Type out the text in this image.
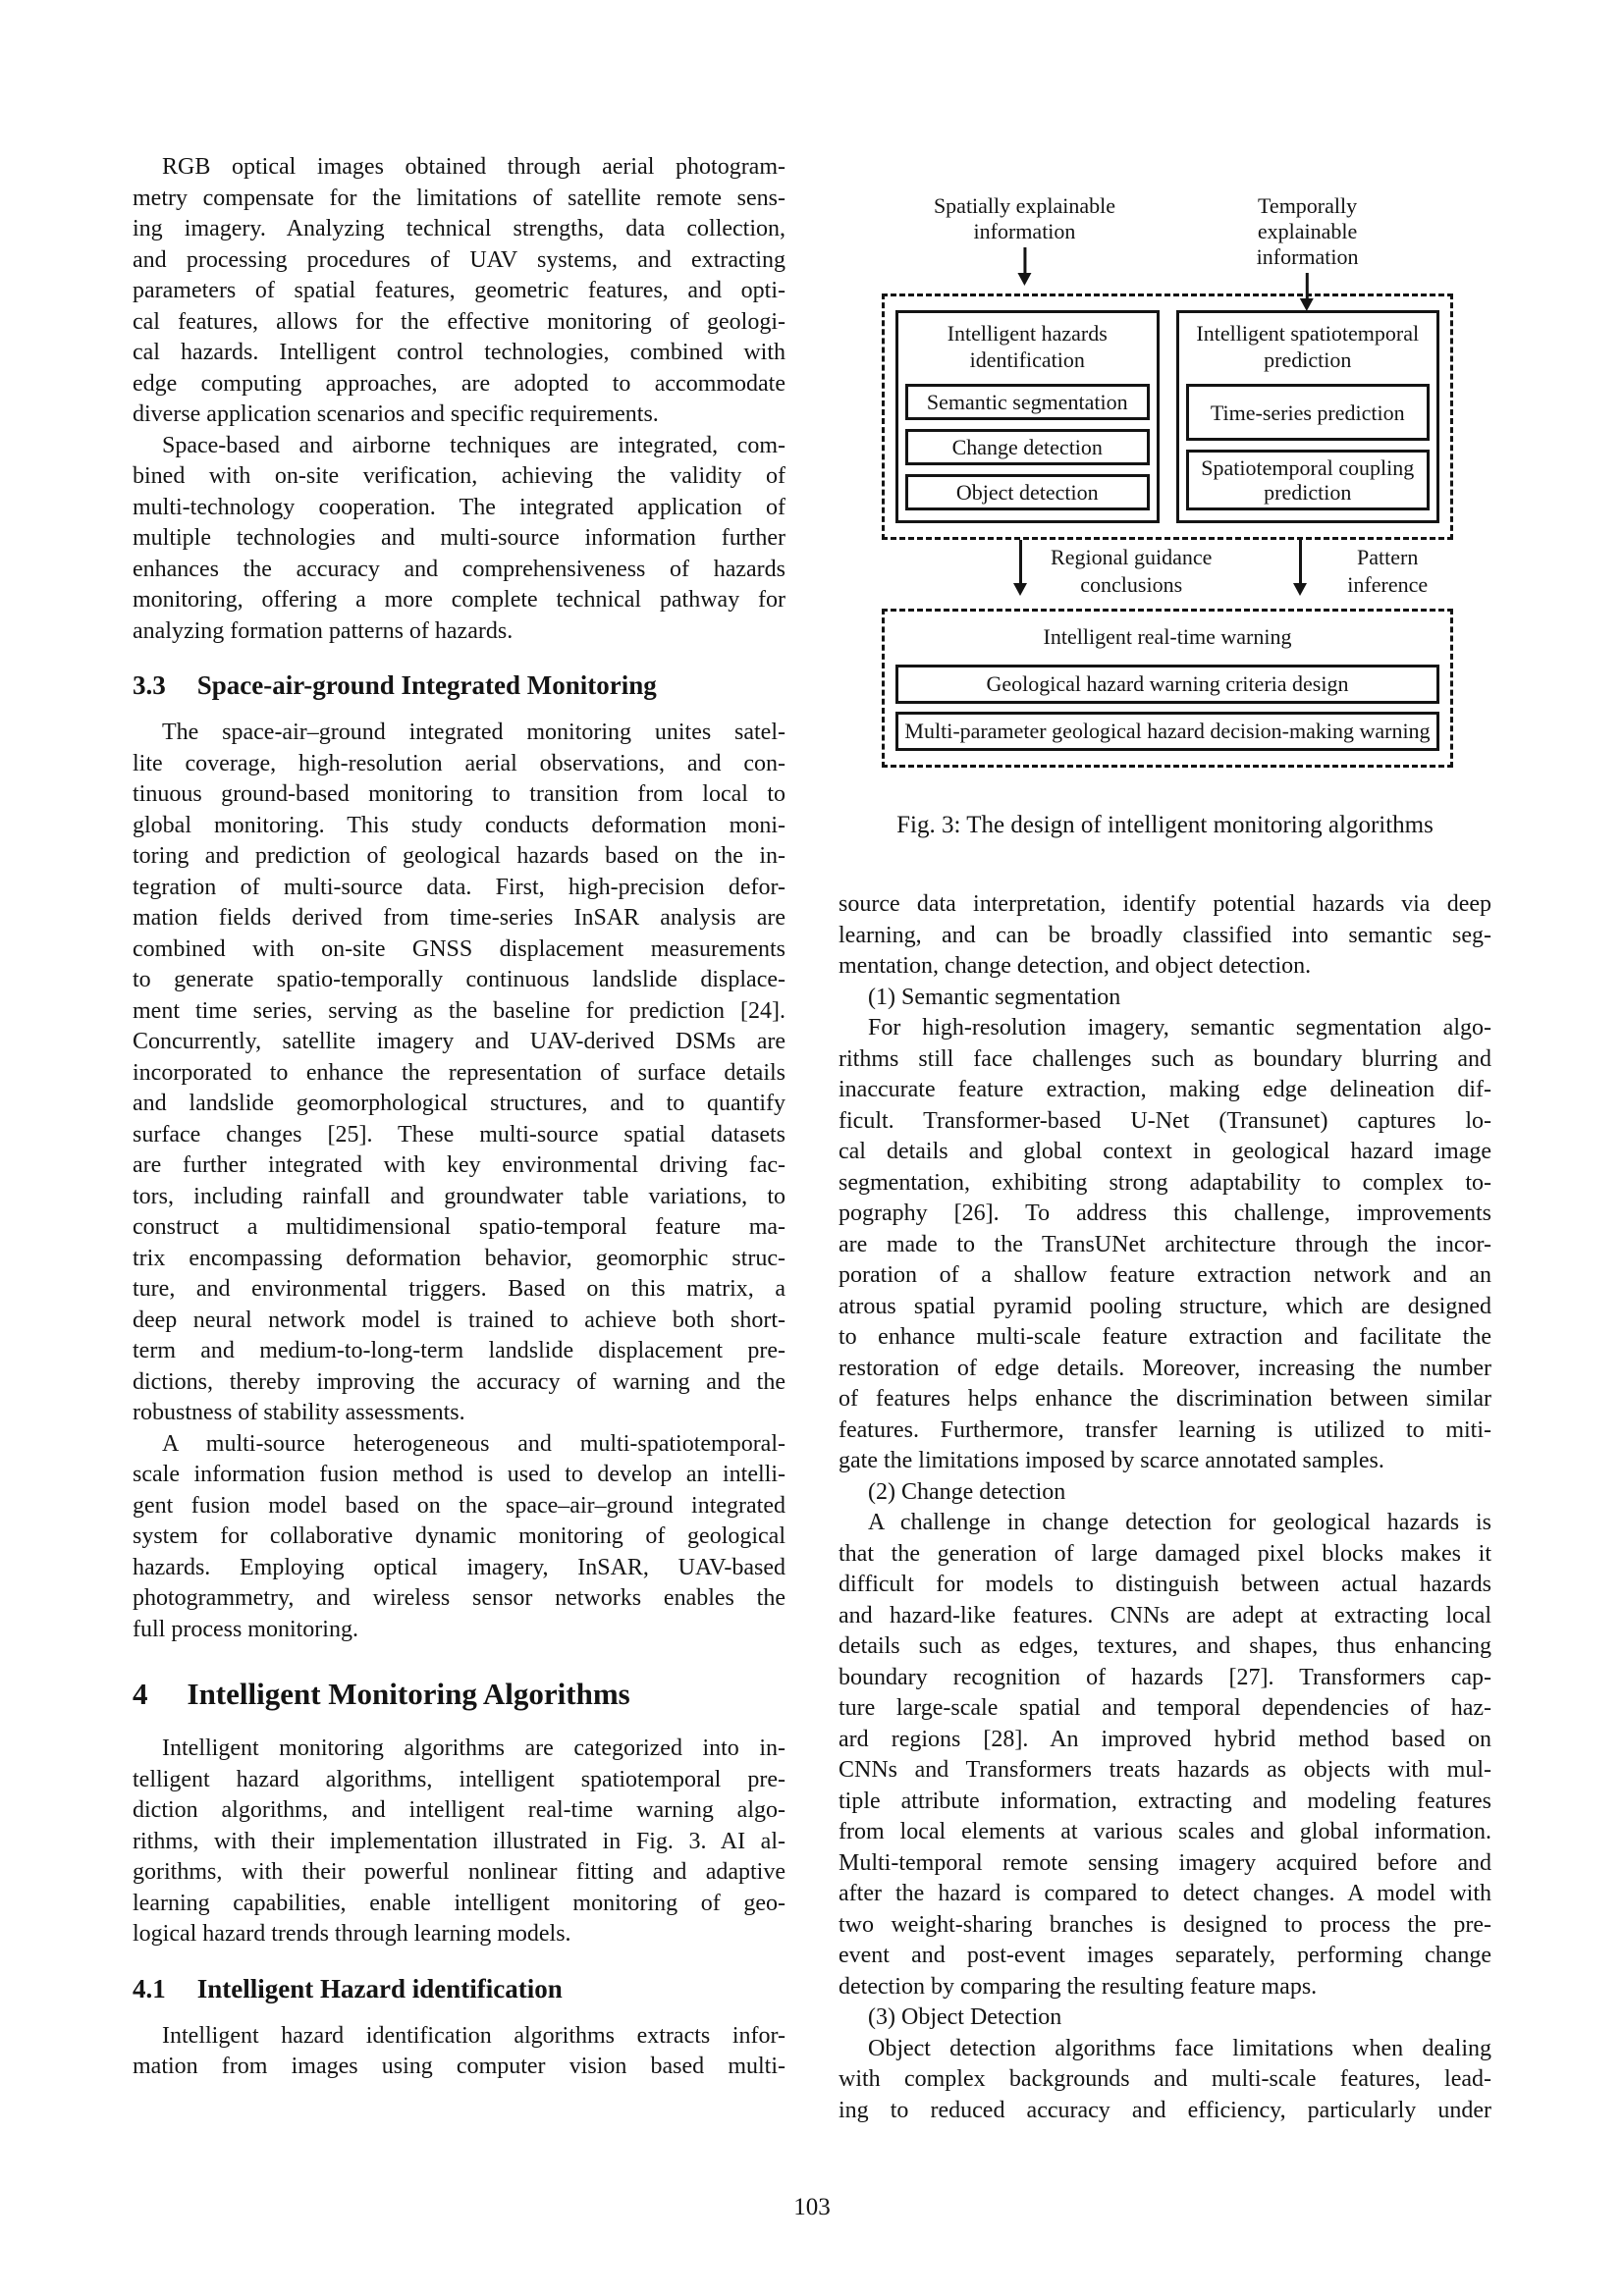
RGB optical images obtained through aerial photogram-
metry compensate for the limitations of satellite remote sens-
ing imagery. Analyzing technical strengths, data collection,
and processing procedures of UAV systems, and extracting
parameters of spatial features, geometric features, and opti-
cal features, allows for the effective monitoring of geologi-
cal hazards. Intelligent control technologies, combined with
edge computing approaches, are adopted to accommodate
diverse application scenarios and specific requirements.
Space-based and airborne techniques are integrated, com-
bined with on-site verification, achieving the validity of
multi-technology cooperation. The integrated application of
multiple technologies and multi-source information further
enhances the accuracy and comprehensiveness of hazards
monitoring, offering a more complete technical pathway for
analyzing formation patterns of hazards.
3.3 Space-air-ground Integrated Monitoring
The space-air–ground integrated monitoring unites satel-
lite coverage, high-resolution aerial observations, and con-
tinuous ground-based monitoring to transition from local to
global monitoring. This study conducts deformation moni-
toring and prediction of geological hazards based on the in-
tegration of multi-source data. First, high-precision defor-
mation fields derived from time-series InSAR analysis are
combined with on-site GNSS displacement measurements
to generate spatio-temporally continuous landslide displace-
ment time series, serving as the baseline for prediction [24].
Concurrently, satellite imagery and UAV-derived DSMs are
incorporated to enhance the representation of surface details
and landslide geomorphological structures, and to quantify
surface changes [25]. These multi-source spatial datasets
are further integrated with key environmental driving fac-
tors, including rainfall and groundwater table variations, to
construct a multidimensional spatio-temporal feature ma-
trix encompassing deformation behavior, geomorphic struc-
ture, and environmental triggers. Based on this matrix, a
deep neural network model is trained to achieve both short-
term and medium-to-long-term landslide displacement pre-
dictions, thereby improving the accuracy of warning and the
robustness of stability assessments.
A multi-source heterogeneous and multi-spatiotemporal-
scale information fusion method is used to develop an intelli-
gent fusion model based on the space–air–ground integrated
system for collaborative dynamic monitoring of geological
hazards. Employing optical imagery, InSAR, UAV-based
photogrammetry, and wireless sensor networks enables the
full process monitoring.
4 Intelligent Monitoring Algorithms
Intelligent monitoring algorithms are categorized into in-
telligent hazard algorithms, intelligent spatiotemporal pre-
diction algorithms, and intelligent real-time warning algo-
rithms, with their implementation illustrated in Fig. 3. AI al-
gorithms, with their powerful nonlinear fitting and adaptive
learning capabilities, enable intelligent monitoring of geo-
logical hazard trends through learning models.
4.1 Intelligent Hazard identification
Intelligent hazard identification algorithms extracts infor-
mation from images using computer vision based multi-
Spatially explainable
information
Temporally explainable
information
Intelligent hazards
identification
Semantic segmentation
Change detection
Object detection
Intelligent spatiotemporal
prediction
Time-series prediction
Spatiotemporal coupling prediction
Regional guidance
conclusions
Pattern
inference
Intelligent real-time warning
Geological hazard warning criteria design
Multi-parameter geological hazard decision-making warning
Fig. 3: The design of intelligent monitoring algorithms
source data interpretation, identify potential hazards via deep
learning, and can be broadly classified into semantic seg-
mentation, change detection, and object detection.
(1) Semantic segmentation
For high-resolution imagery, semantic segmentation algo-
rithms still face challenges such as boundary blurring and
inaccurate feature extraction, making edge delineation dif-
ficult. Transformer-based U-Net (Transunet) captures lo-
cal details and global context in geological hazard image
segmentation, exhibiting strong adaptability to complex to-
pography [26]. To address this challenge, improvements
are made to the TransUNet architecture through the incor-
poration of a shallow feature extraction network and an
atrous spatial pyramid pooling structure, which are designed
to enhance multi-scale feature extraction and facilitate the
restoration of edge details. Moreover, increasing the number
of features helps enhance the discrimination between similar
features. Furthermore, transfer learning is utilized to miti-
gate the limitations imposed by scarce annotated samples.
(2) Change detection
A challenge in change detection for geological hazards is
that the generation of large damaged pixel blocks makes it
difficult for models to distinguish between actual hazards
and hazard-like features. CNNs are adept at extracting local
details such as edges, textures, and shapes, thus enhancing
boundary recognition of hazards [27]. Transformers cap-
ture large-scale spatial and temporal dependencies of haz-
ard regions [28]. An improved hybrid method based on
CNNs and Transformers treats hazards as objects with mul-
tiple attribute information, extracting and modeling features
from local elements at various scales and global information.
Multi-temporal remote sensing imagery acquired before and
after the hazard is compared to detect changes. A model with
two weight-sharing branches is designed to process the pre-
event and post-event images separately, performing change
detection by comparing the resulting feature maps.
(3) Object Detection
Object detection algorithms face limitations when dealing
with complex backgrounds and multi-scale features, lead-
ing to reduced accuracy and efficiency, particularly under
103
